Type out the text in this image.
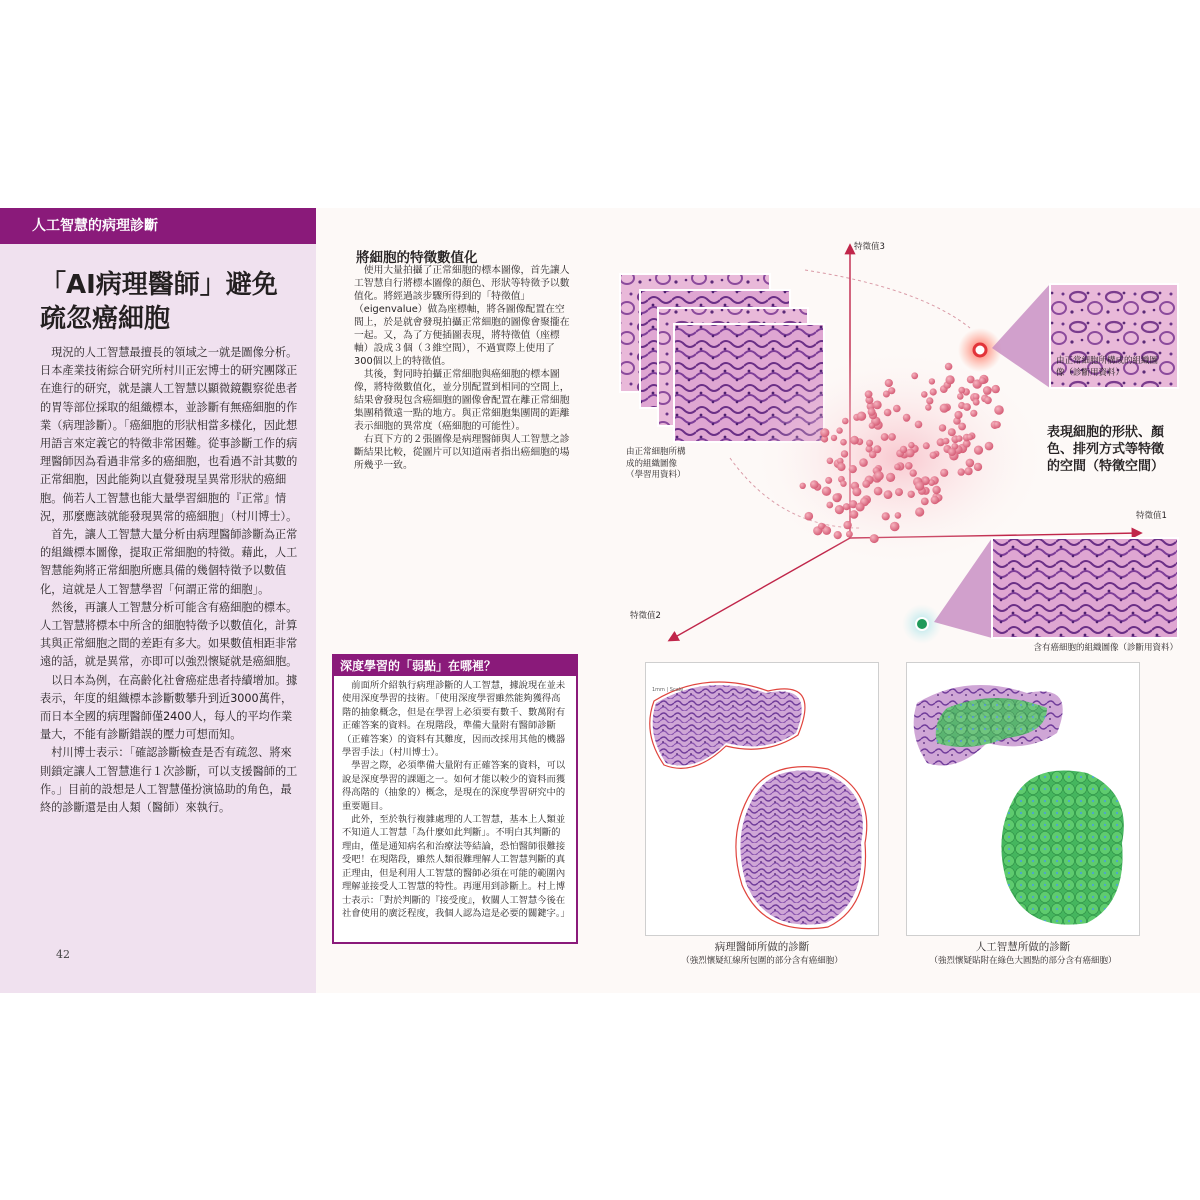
人工智慧的病理診斷
「AI病理醫師」避免
疏忽癌細胞

現況的人工智慧最擅長的領域之一就是圖像分析。日本產業技術綜合研究所村川正宏博士的研究團隊正在進行的研究，就是讓人工智慧以顯微鏡觀察從患者的胃等部位採取的組織標本，並診斷有無癌細胞的作業（病理診斷）。「癌細胞的形狀相當多樣化，因此想用語言來定義它的特徵非常困難。從事診斷工作的病理醫師因為看過非常多的癌細胞，也看過不計其數的正常細胞，因此能夠以直覺發現呈異常形狀的癌細胞。倘若人工智慧也能大量學習細胞的『正常』情況，那麼應該就能發現異常的癌細胞」（村川博士）。

首先，讓人工智慧大量分析由病理醫師診斷為正常的組織標本圖像，提取正常細胞的特徵。藉此，人工智慧能夠將正常細胞所應具備的幾個特徵予以數值化，這就是人工智慧學習「何謂正常的細胞」。

然後，再讓人工智慧分析可能含有癌細胞的標本。人工智慧將標本中所含的細胞特徵予以數值化，計算其與正常細胞之間的差距有多大。如果數值相距非常遠的話，就是異常，亦即可以強烈懷疑就是癌細胞。

以日本為例，在高齡化社會癌症患者持續增加。據表示，年度的組織標本診斷數攀升到近3000萬件，而日本全國的病理醫師僅2400人，每人的平均作業量大，不能有診斷錯誤的壓力可想而知。

村川博士表示：「確認診斷檢查是否有疏忽、將來則鎖定讓人工智慧進行１次診斷，可以支援醫師的工作。」目前的設想是人工智慧僅扮演協助的角色，最終的診斷還是由人類（醫師）來執行。

42
將細胞的特徵數值化

使用大量拍攝了正常細胞的標本圖像，首先讓人工智慧自行將標本圖像的顏色、形狀等特徵予以數值化。將經過該步驟所得到的「特徵值」（eigenvalue）做為座標軸，將各圖像配置在空間上，於是就會發現拍攝正常細胞的圖像會聚攏在一起。又，為了方便插圖表現，將特徵值（座標軸）設成３個（３維空間），不過實際上使用了300個以上的特徵值。

其後，對同時拍攝正常細胞與癌細胞的標本圖像，將特徵數值化，並分別配置到相同的空間上，結果會發現包含癌細胞的圖像會配置在離正常細胞集團稍微遠一點的地方。與正常細胞集團間的距離表示細胞的異常度（癌細胞的可能性）。

右頁下方的２張圖像是病理醫師與人工智慧之診斷結果比較，從圖片可以知道兩者指出癌細胞的場所幾乎一致。

特徵值3
特徵值1
特徵值2
由正常細胞所構
成的組織圖像
（學習用資料）
由正常細胞所構成的組織圖
像（診斷用資料）
表現細胞的形狀、顏
色、排列方式等特徵
的空間（特徵空間）
含有癌細胞的組織圖像（診斷用資料）
深度學習的「弱點」在哪裡？

前面所介紹執行病理診斷的人工智慧，據說現在並未使用深度學習的技術。「使用深度學習雖然能夠獲得高階的抽象概念，但是在學習上必須要有數千、數萬附有正確答案的資料。在現階段，準備大量附有醫師診斷（正確答案）的資料有其難度，因而改採用其他的機器學習手法」（村川博士）。

學習之際，必須準備大量附有正確答案的資料，可以說是深度學習的課題之一。如何才能以較少的資料而獲得高階的（抽象的）概念，是現在的深度學習研究中的重要題目。

此外，至於執行複雜處理的人工智慧，基本上人類並不知道人工智慧「為什麼如此判斷」。不明白其判斷的理由，僅是通知病名和治療法等結論，恐怕醫師很難接受吧！在現階段，雖然人類很難理解人工智慧判斷的真正理由，但是利用人工智慧的醫師必須在可能的範圍內理解並接受人工智慧的特性。再運用到診斷上。村上博士表示：「對於判斷的『接受度』，攸關人工智慧今後在社會使用的廣泛程度，我個人認為這是必要的關鍵字。」

1mm | Scale
病理醫師所做的診斷
（強烈懷疑紅線所包圍的部分含有癌細胞）
人工智慧所做的診斷
（強烈懷疑貼附在綠色大圓點的部分含有癌細胞）
